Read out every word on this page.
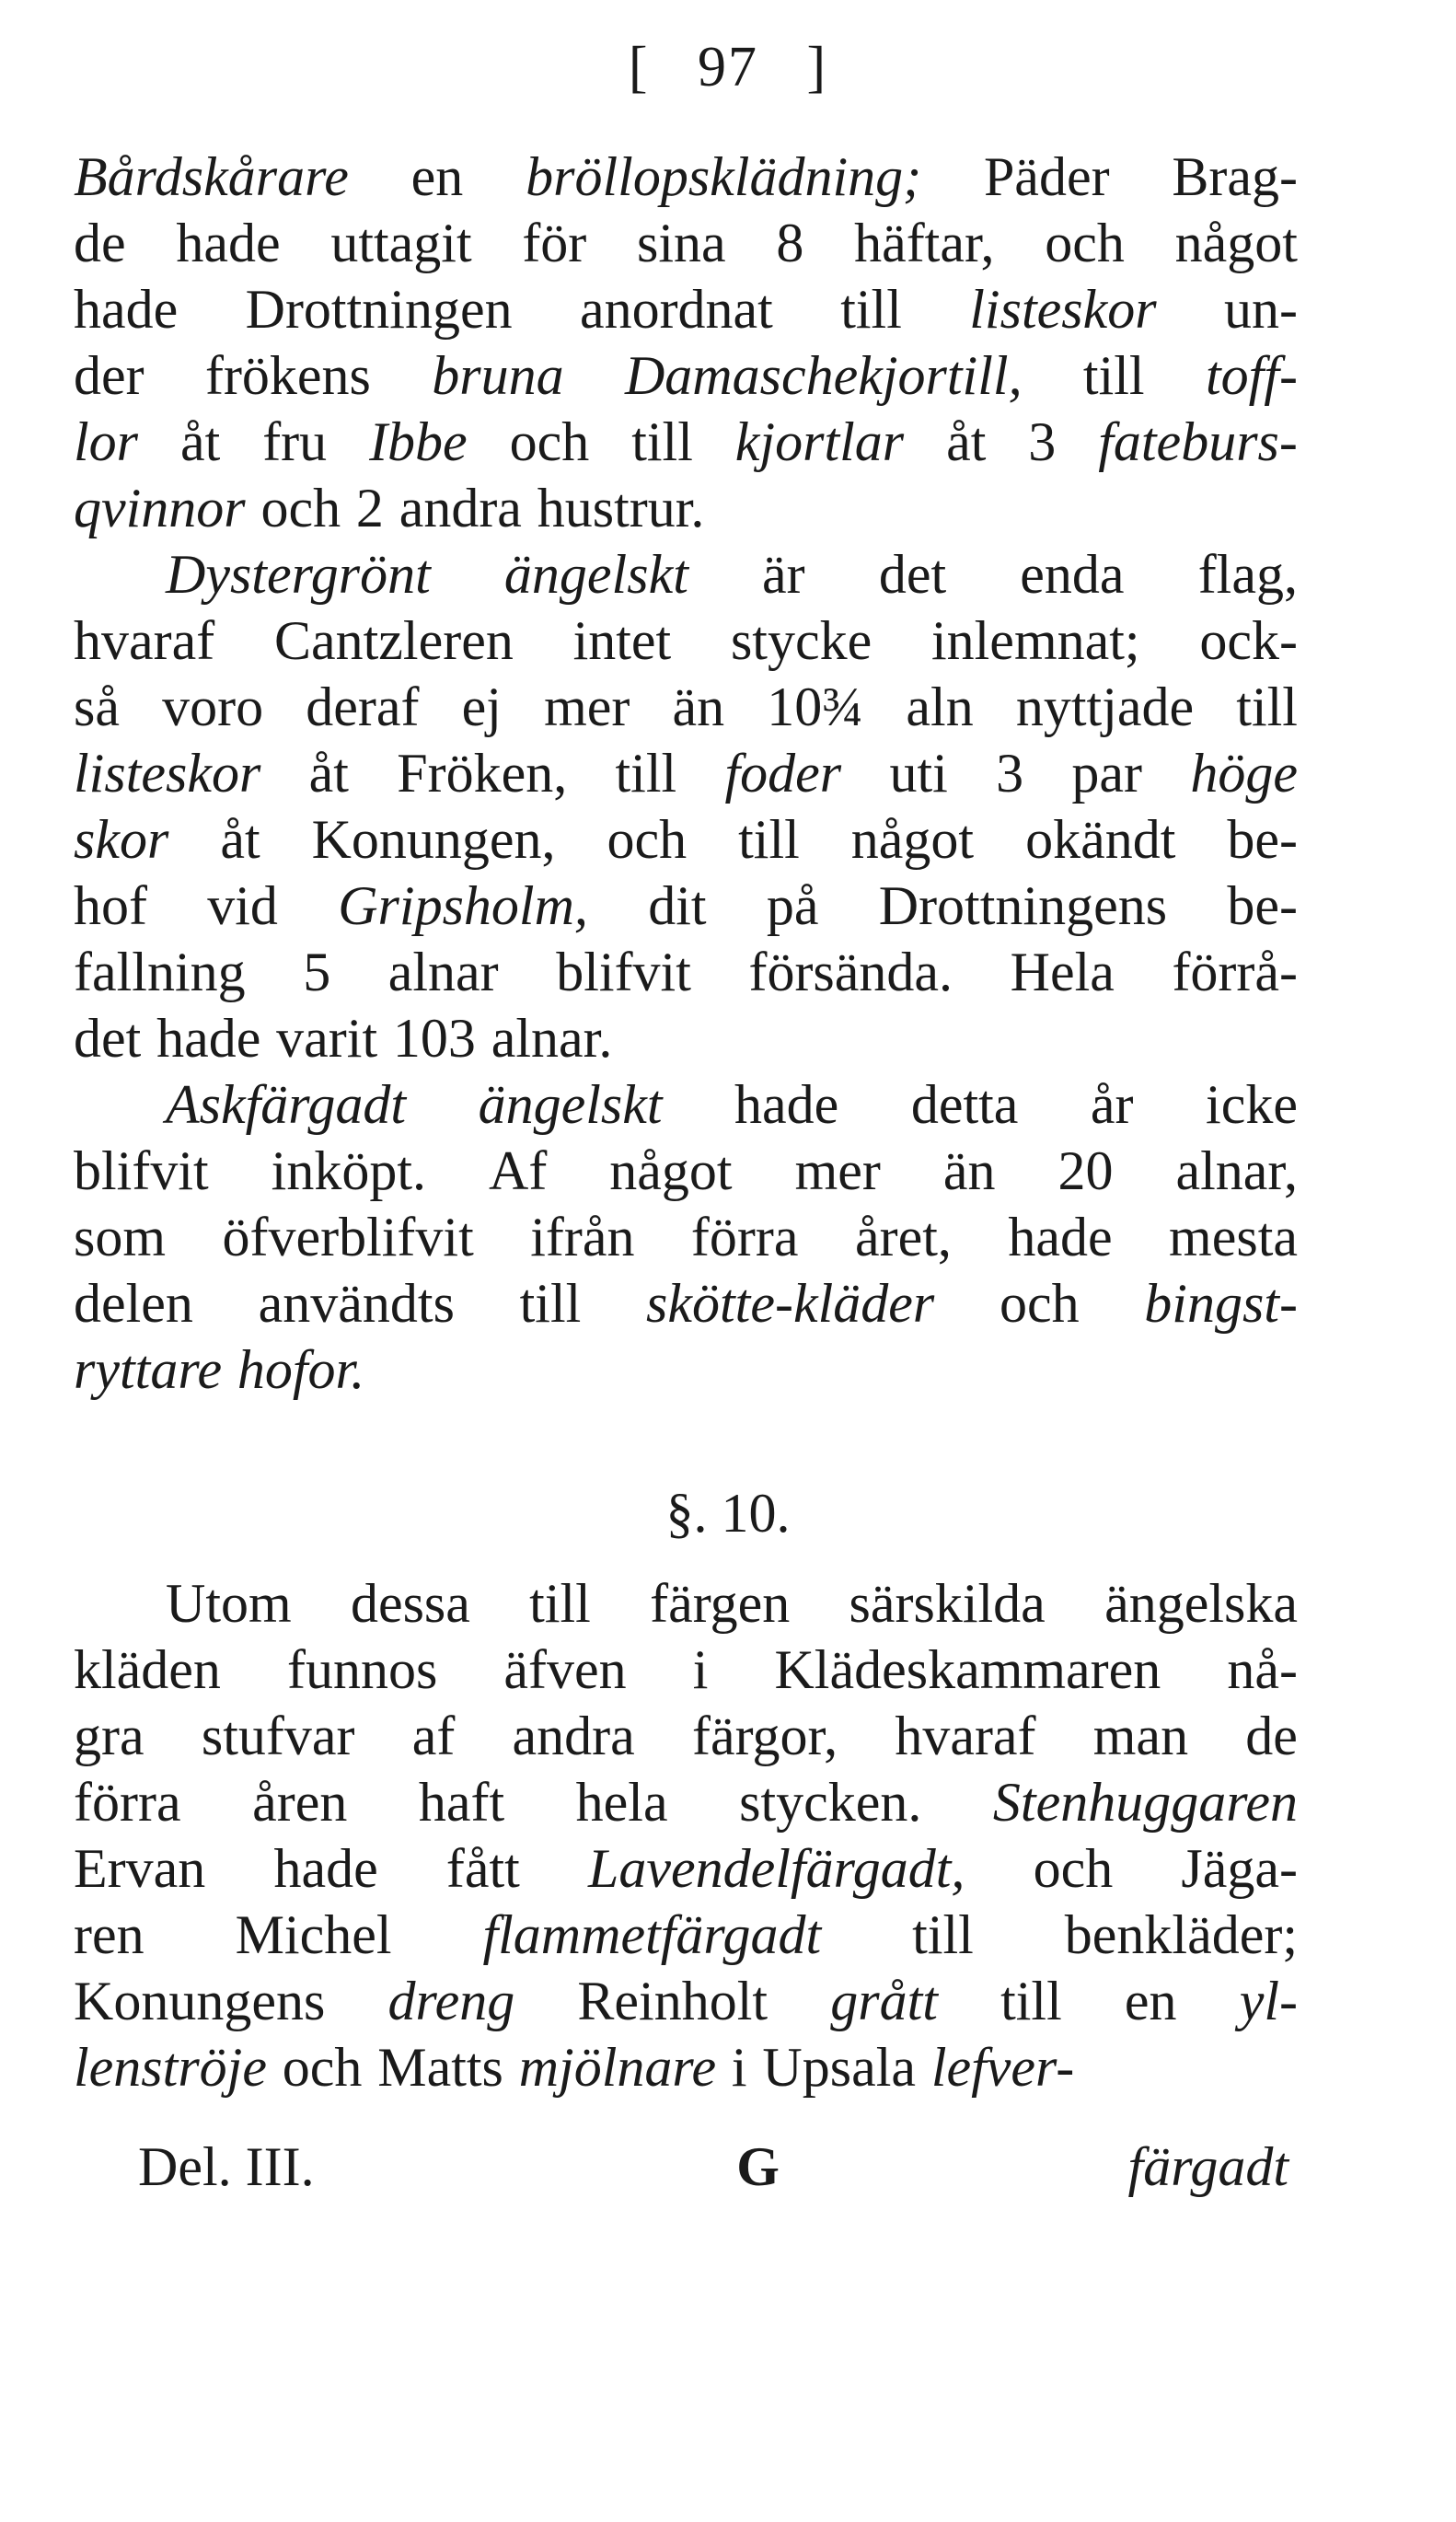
[   97   ]
Bårdskårare en bröllopsklädning; Päder Brag-
de hade uttagit för sina 8 häftar, och något
hade Drottningen anordnat till listeskor un-
der frökens bruna Damaschekjortill, till toff-
lor åt fru Ibbe och till kjortlar åt 3 fateburs-
qvinnor och 2 andra hustrur.
Dystergrönt ängelskt är det enda flag,
hvaraf Cantzleren intet stycke inlemnat; ock-
så voro deraf ej mer än 10¾ aln nyttjade till
listeskor åt Fröken, till foder uti 3 par höge
skor åt Konungen, och till något okändt be-
hof vid Gripsholm, dit på Drottningens be-
fallning 5 alnar blifvit försända. Hela förrå-
det hade varit 103 alnar.
Askfärgadt ängelskt hade detta år icke
blifvit inköpt. Af något mer än 20 alnar,
som öfverblifvit ifrån förra året, hade mesta
delen användts till skötte-kläder och bingst-
ryttare hofor.
§. 10.
Utom dessa till färgen särskilda ängelska
kläden funnos äfven i Klädeskammaren nå-
gra stufvar af andra färgor, hvaraf man de
förra åren haft hela stycken. Stenhuggaren
Ervan hade fått Lavendelfärgadt, och Jäga-
ren Michel flammetfärgadt till benkläder;
Konungens dreng Reinholt grått till en yl-
lenströje och Matts mjölnare i Upsala lefver-
Del. III.	G	färgadt
